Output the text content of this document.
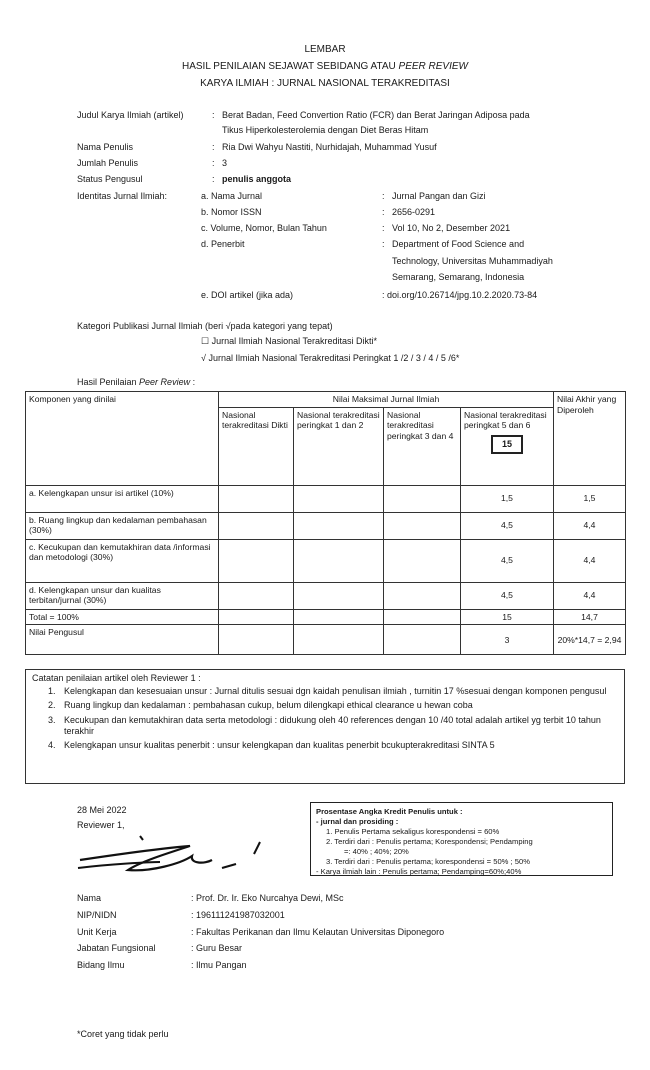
LEMBAR
HASIL PENILAIAN SEJAWAT SEBIDANG ATAU PEER REVIEW
KARYA ILMIAH : JURNAL NASIONAL TERAKREDITASI
Judul Karya Ilmiah (artikel)	: Berat Badan, Feed Convertion Ratio (FCR) dan Berat Jaringan Adiposa pada
Tikus Hiperkolesterolemia dengan Diet Beras Hitam
Nama Penulis	: Ria Dwi Wahyu Nastiti, Nurhidajah, Muhammad Yusuf
Jumlah Penulis	: 3
Status Pengusul	: penulis anggota
Identitas Jurnal Ilmiah:	a. Nama Jurnal	: Jurnal Pangan dan Gizi
b. Nomor ISSN	: 2656-0291
c. Volume, Nomor, Bulan Tahun	: Vol 10, No 2, Desember 2021
d. Penerbit	: Department of Food Science and
Technology, Universitas Muhammadiyah
Semarang, Semarang, Indonesia
e. DOI artikel (jika ada)	: doi.org/10.26714/jpg.10.2.2020.73-84
Kategori Publikasi Jurnal Ilmiah (beri √pada kategori yang tepat)
☐ Jurnal Ilmiah Nasional Terakreditasi Dikti*
√ Jurnal Ilmiah Nasional Terakreditasi Peringkat 1 /2 / 3 / 4 / 5 /6*
Hasil Penilaian Peer Review :
Komponen yang dinilai	Nilai Maksimal Jurnal Ilmiah				Nilai Akhir yang Diperoleh
	Nasional terakreditasi Dikti	Nasional terakreditasi peringkat 1 dan 2	Nasional terakreditasi peringkat 3 dan 4	Nasional terakreditasi peringkat 5 dan 6
15	

a. Kelengkapan unsur isi artikel (10%)				1,5	1,5
b. Ruang lingkup dan kedalaman pembahasan (30%)				4,5	4,4
c. Kecukupan dan kemutakhiran data /informasi dan metodologi (30%)				4,5	4,4
d. Kelengkapan unsur dan kualitas terbitan/jurnal (30%)				4,5	4,4
Total = 100%				15	14,7
Nilai Pengusul				3	20%*14,7 = 2,94
Catatan penilaian artikel oleh Reviewer 1 :
1. Kelengkapan dan kesesuaian unsur : Jurnal ditulis sesuai dgn kaidah penulisan ilmiah , turnitin 17 %sesuai dengan komponen pengusul
2. Ruang lingkup dan kedalaman : pembahasan cukup, belum dilengkapi ethical clearance u hewan coba
3. Kecukupan dan kemutakhiran data serta metodologi : didukung oleh 40 references dengan 10 /40 total adalah artikel yg terbit 10 tahun terakhir
4. Kelengkapan unsur kualitas penerbit : unsur kelengkapan dan kualitas penerbit bcukupterakreditasi SINTA 5
28 Mei 2022
Reviewer 1,
Nama	: Prof. Dr. Ir. Eko Nurcahya Dewi, MSc
NIP/NIDN	: 196111241987032001
Unit Kerja	: Fakultas Perikanan dan Ilmu Kelautan Universitas Diponegoro
Jabatan Fungsional	: Guru Besar
Bidang Ilmu	: Ilmu Pangan
Prosentase Angka Kredit Penulis untuk :
- jurnal dan prosiding :
1. Penulis Pertama sekaligus korespondensi = 60%
2. Terdiri dari : Penulis pertama; Korespondensi; Pendamping
=: 40% ; 40%; 20%
3. Terdiri dari : Penulis pertama; korespondensi = 50% ; 50%
- Karya ilmiah lain : Penulis pertama; Pendamping=60%;40%
*Coret yang tidak perlu
